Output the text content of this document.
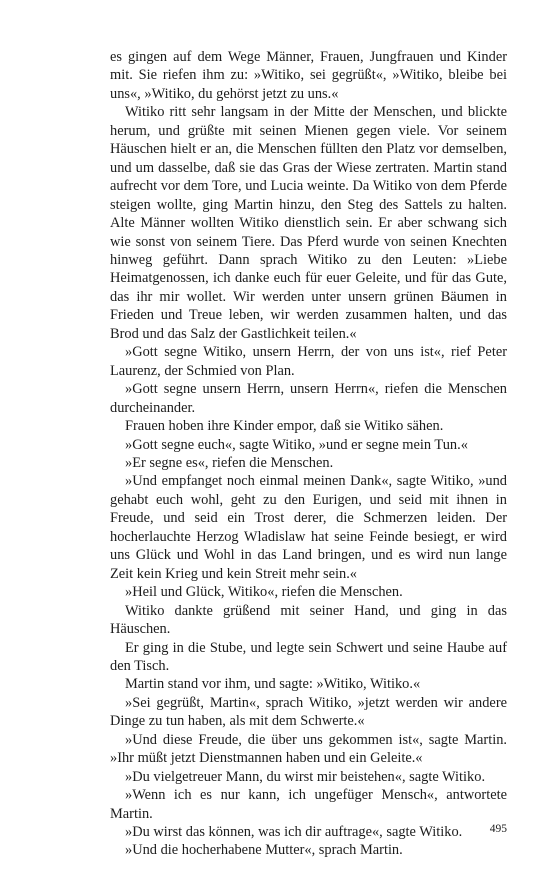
es gingen auf dem Wege Männer, Frauen, Jungfrauen und Kinder mit. Sie riefen ihm zu: »Witiko, sei gegrüßt«, »Witiko, bleibe bei uns«, »Witiko, du gehörst jetzt zu uns.«

Witiko ritt sehr langsam in der Mitte der Menschen, und blickte herum, und grüßte mit seinen Mienen gegen viele. Vor seinem Häuschen hielt er an, die Menschen füllten den Platz vor demselben, und um dasselbe, daß sie das Gras der Wiese zertraten. Martin stand aufrecht vor dem Tore, und Lucia weinte. Da Witiko von dem Pferde steigen wollte, ging Martin hinzu, den Steg des Sattels zu halten. Alte Männer wollten Witiko dienstlich sein. Er aber schwang sich wie sonst von seinem Tiere. Das Pferd wurde von seinen Knechten hinweg geführt. Dann sprach Witiko zu den Leuten: »Liebe Heimatgenossen, ich danke euch für euer Geleite, und für das Gute, das ihr mir wollet. Wir werden unter unsern grünen Bäumen in Frieden und Treue leben, wir werden zusammen halten, und das Brod und das Salz der Gastlichkeit teilen.«

»Gott segne Witiko, unsern Herrn, der von uns ist«, rief Peter Laurenz, der Schmied von Plan.

»Gott segne unsern Herrn, unsern Herrn«, riefen die Menschen durcheinander.

Frauen hoben ihre Kinder empor, daß sie Witiko sähen.

»Gott segne euch«, sagte Witiko, »und er segne mein Tun.«

»Er segne es«, riefen die Menschen.

»Und empfanget noch einmal meinen Dank«, sagte Witiko, »und gehabt euch wohl, geht zu den Eurigen, und seid mit ihnen in Freude, und seid ein Trost derer, die Schmerzen leiden. Der hocherlauchte Herzog Wladislaw hat seine Feinde besiegt, er wird uns Glück und Wohl in das Land bringen, und es wird nun lange Zeit kein Krieg und kein Streit mehr sein.«

»Heil und Glück, Witiko«, riefen die Menschen.

Witiko dankte grüßend mit seiner Hand, und ging in das Häuschen.

Er ging in die Stube, und legte sein Schwert und seine Haube auf den Tisch.

Martin stand vor ihm, und sagte: »Witiko, Witiko.«

»Sei gegrüßt, Martin«, sprach Witiko, »jetzt werden wir andere Dinge zu tun haben, als mit dem Schwerte.«

»Und diese Freude, die über uns gekommen ist«, sagte Martin. »Ihr müßt jetzt Dienstmannen haben und ein Geleite.«

»Du vielgetreuer Mann, du wirst mir beistehen«, sagte Witiko.

»Wenn ich es nur kann, ich ungefüger Mensch«, antwortete Martin.

»Du wirst das können, was ich dir auftrage«, sagte Witiko.

»Und die hocherhabene Mutter«, sprach Martin.

495
